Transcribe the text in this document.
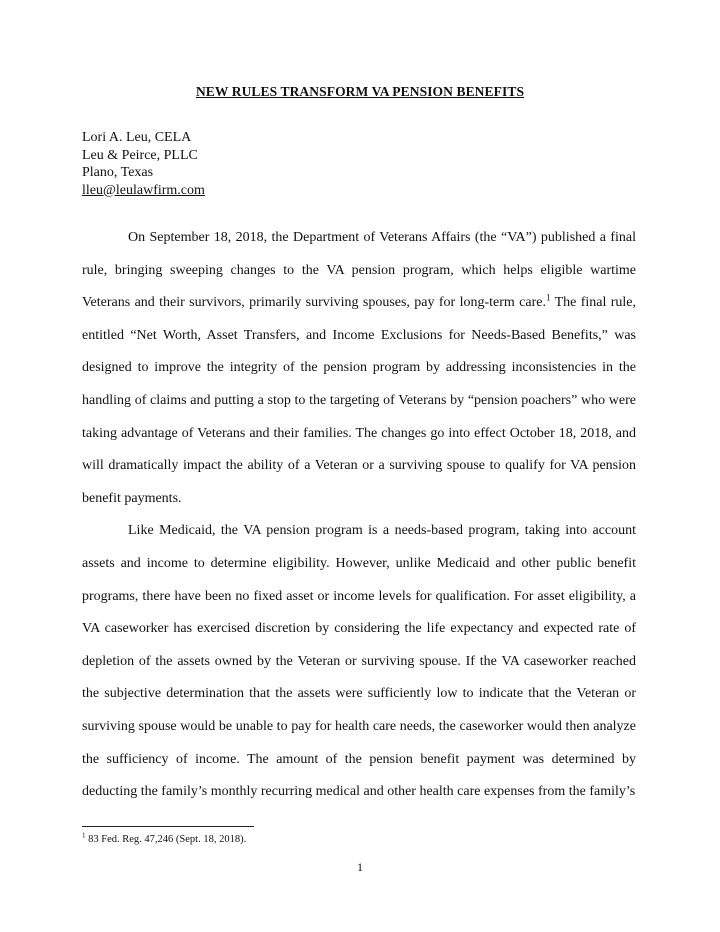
NEW RULES TRANSFORM VA PENSION BENEFITS
Lori A. Leu, CELA
Leu & Peirce, PLLC
Plano, Texas
lleu@leulawfirm.com

On September 18, 2018, the Department of Veterans Affairs (the “VA”) published a final rule, bringing sweeping changes to the VA pension program, which helps eligible wartime Veterans and their survivors, primarily surviving spouses, pay for long-term care.$^1$ The final rule, entitled “Net Worth, Asset Transfers, and Income Exclusions for Needs-Based Benefits,” was designed to improve the integrity of the pension program by addressing inconsistencies in the handling of claims and putting a stop to the targeting of Veterans by “pension poachers” who were taking advantage of Veterans and their families. The changes go into effect October 18, 2018, and will dramatically impact the ability of a Veteran or a surviving spouse to qualify for VA pension benefit payments.

Like Medicaid, the VA pension program is a needs-based program, taking into account assets and income to determine eligibility. However, unlike Medicaid and other public benefit programs, there have been no fixed asset or income levels for qualification. For asset eligibility, a VA caseworker has exercised discretion by considering the life expectancy and expected rate of depletion of the assets owned by the Veteran or surviving spouse. If the VA caseworker reached the subjective determination that the assets were sufficiently low to indicate that the Veteran or surviving spouse would be unable to pay for health care needs, the caseworker would then analyze the sufficiency of income. The amount of the pension benefit payment was determined by deducting the family’s monthly recurring medical and other health care expenses from the family’s

$^1$ 83 Fed. Reg. 47,246 (Sept. 18, 2018).
1
